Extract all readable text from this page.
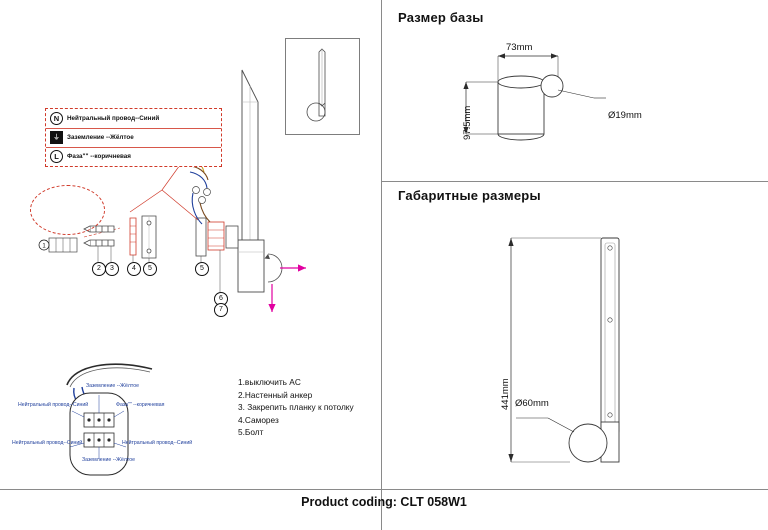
1
N	Нейтральный провод--Синий
⏚	Заземление --Жёлтое
L	Фаза"" --коричневая
2	3	4	5	5
6
7
Заземление --Жёлтое
Нейтральный провод--Синий	Фаза"" --коричневая
Нейтральный провод--Синий	Нейтральный провод--Синий
Заземление --Жёлтое
1.выключить AC
2.Настенный анкер
3. Закрепить планку к потолку
4.Саморез
5.Болт
Размер базы
Габаритные размеры
73mm
97.5mm	Ø19mm
441mm Ø60mm
Product coding: CLT 058W1
